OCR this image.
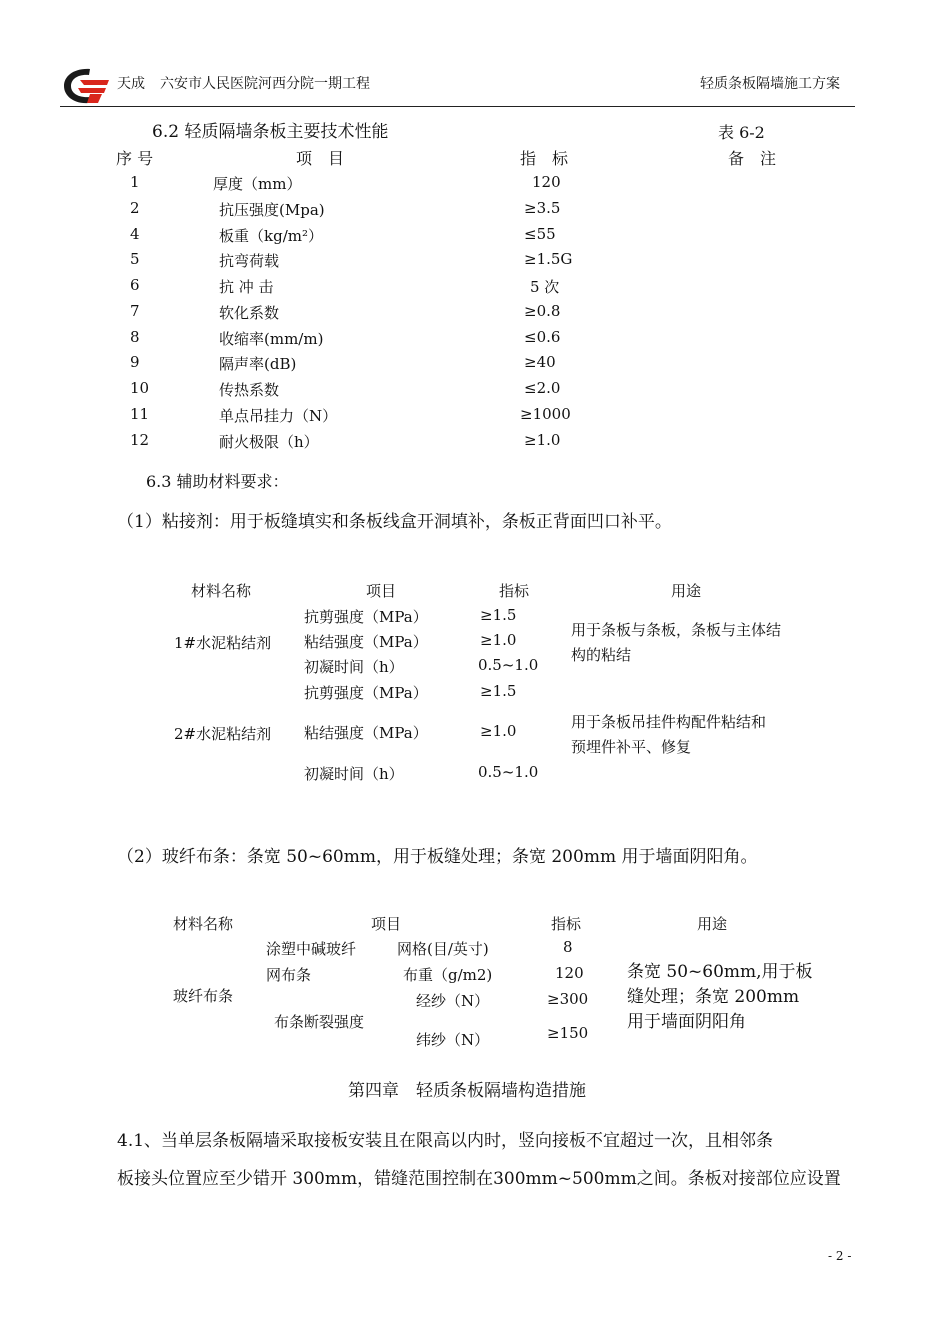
天成 六安市人民医院河西分院一期工程	轻质条板隔墙施工方案
6.2 轻质隔墙条板主要技术性能	表 6-2
序 号	项　目	指　标	备　注
1	厚度（mm）	120
2	抗压强度(Mpa)	≥3.5
4	板重（kg/m²）	≤55
5	抗弯荷载	≥1.5G
6	抗 冲 击	5 次
7	软化系数	≥0.8
8	收缩率(mm/m)	≤0.6
9	隔声率(dB)	≥40
10	传热系数	≤2.0
11	单点吊挂力（N）	≥1000
12	耐火极限（h）	≥1.0
6.3 辅助材料要求：
（1）粘接剂：用于板缝填实和条板线盒开洞填补，条板正背面凹口补平。
材料名称	项目	指标	用途
1#水泥粘结剂
抗剪强度（MPa）	≥1.5
粘结强度（MPa）	≥1.0
初凝时间（h）	0.5~1.0
用于条板与条板，条板与主体结
构的粘结
2#水泥粘结剂
抗剪强度（MPa）	≥1.5
粘结强度（MPa）	≥1.0
初凝时间（h）	0.5~1.0
用于条板吊挂件构配件粘结和
预埋件补平、修复
（2）玻纤布条：条宽 50~60mm，用于板缝处理；条宽 200mm 用于墙面阴阳角。
材料名称	项目	指标	用途
玻纤布条
涂塑中碱玻纤
网布条
布条断裂强度
网格(目/英寸)	8
布重（g/m2)	120
经纱（N）	≥300
纬纱（N）	≥150
条宽 50~60mm,用于板
缝处理；条宽 200mm
用于墙面阴阳角
第四章　轻质条板隔墙构造措施
4.1、当单层条板隔墙采取接板安装且在限高以内时，竖向接板不宜超过一次，且相邻条
板接头位置应至少错开 300mm，错缝范围控制在300mm~500mm之间。条板对接部位应设置
- 2 -
